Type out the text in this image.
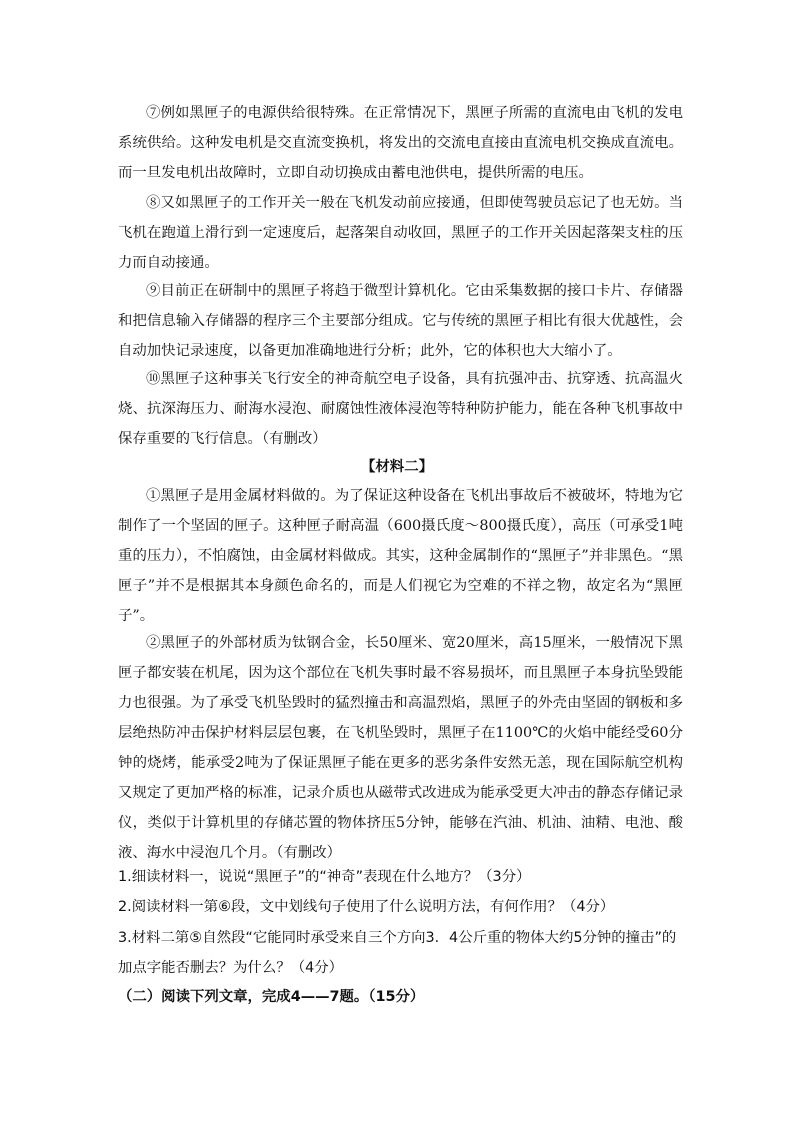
⑦例如黑匣子的电源供给很特殊。在正常情况下，黑匣子所需的直流电由飞机的发电系统供给。这种发电机是交直流变换机，将发出的交流电直接由直流电机交换成直流电。而一旦发电机出故障时，立即自动切换成由蓄电池供电，提供所需的电压。

⑧又如黑匣子的工作开关一般在飞机发动前应接通，但即使驾驶员忘记了也无妨。当飞机在跑道上滑行到一定速度后，起落架自动收回，黑匣子的工作开关因起落架支柱的压力而自动接通。

⑨目前正在研制中的黑匣子将趋于微型计算机化。它由采集数据的接口卡片、存储器和把信息输入存储器的程序三个主要部分组成。它与传统的黑匣子相比有很大优越性，会自动加快记录速度，以备更加准确地进行分析；此外，它的体积也大大缩小了。

⑩黑匣子这种事关飞行安全的神奇航空电子设备，具有抗强冲击、抗穿透、抗高温火烧、抗深海压力、耐海水浸泡、耐腐蚀性液体浸泡等特种防护能力，能在各种飞机事故中保存重要的飞行信息。（有删改）

【材料二】

①黑匣子是用金属材料做的。为了保证这种设备在飞机出事故后不被破坏，特地为它制作了一个坚固的匣子。这种匣子耐高温（600摄氏度～800摄氏度），高压（可承受1吨重的压力），不怕腐蚀，由金属材料做成。其实，这种金属制作的“黑匣子”并非黑色。“黑匣子”并不是根据其本身颜色命名的，而是人们视它为空难的不祥之物，故定名为“黑匣子”。

②黑匣子的外部材质为钛钢合金，长50厘米、宽20厘米，高15厘米，一般情况下黑匣子都安装在机尾，因为这个部位在飞机失事时最不容易损坏，而且黑匣子本身抗坠毁能力也很强。为了承受飞机坠毁时的猛烈撞击和高温烈焰，黑匣子的外壳由坚固的钢板和多层绝热防冲击保护材料层层包裹，在飞机坠毁时，黑匣子在1100℃的火焰中能经受60分钟的烧烤，能承受2吨为了保证黑匣子能在更多的恶劣条件安然无恙，现在国际航空机构又规定了更加严格的标准，记录介质也从磁带式改进成为能承受更大冲击的静态存储记录仪，类似于计算机里的存储芯置的物体挤压5分钟，能够在汽油、机油、油精、电池、酸液、海水中浸泡几个月。（有删改）

1.细读材料一，说说“黑匣子”的“神奇”表现在什么地方？（3分）

2.阅读材料一第⑥段，文中划线句子使用了什么说明方法，有何作用？（4分）

3.材料二第⑤自然段“它能同时承受来自三个方向3．4公斤重的物体大约5分钟的撞击”的加点字能否删去？为什么？（4分）

（二）阅读下列文章，完成4——7题。（15分）
